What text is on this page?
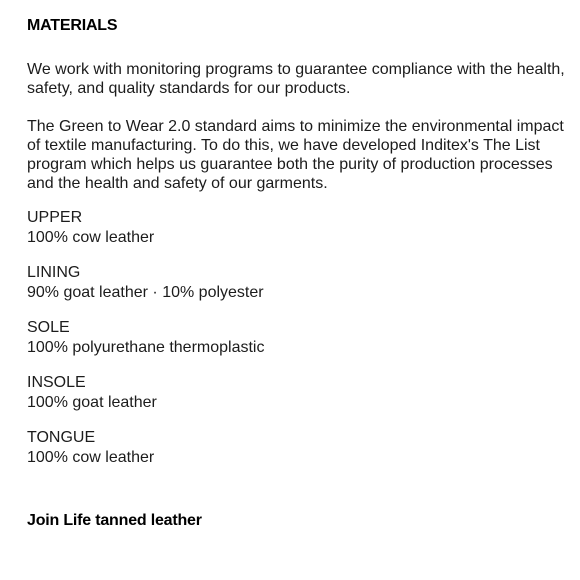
MATERIALS

We work with monitoring programs to guarantee compliance with the health, safety, and quality standards for our products.

The Green to Wear 2.0 standard aims to minimize the environmental impact of textile manufacturing. To do this, we have developed Inditex's The List program which helps us guarantee both the purity of production processes and the health and safety of our garments.

UPPER
100% cow leather
LINING
90% goat leather · 10% polyester
SOLE
100% polyurethane thermoplastic
INSOLE
100% goat leather
TONGUE
100% cow leather
Join Life tanned leather
